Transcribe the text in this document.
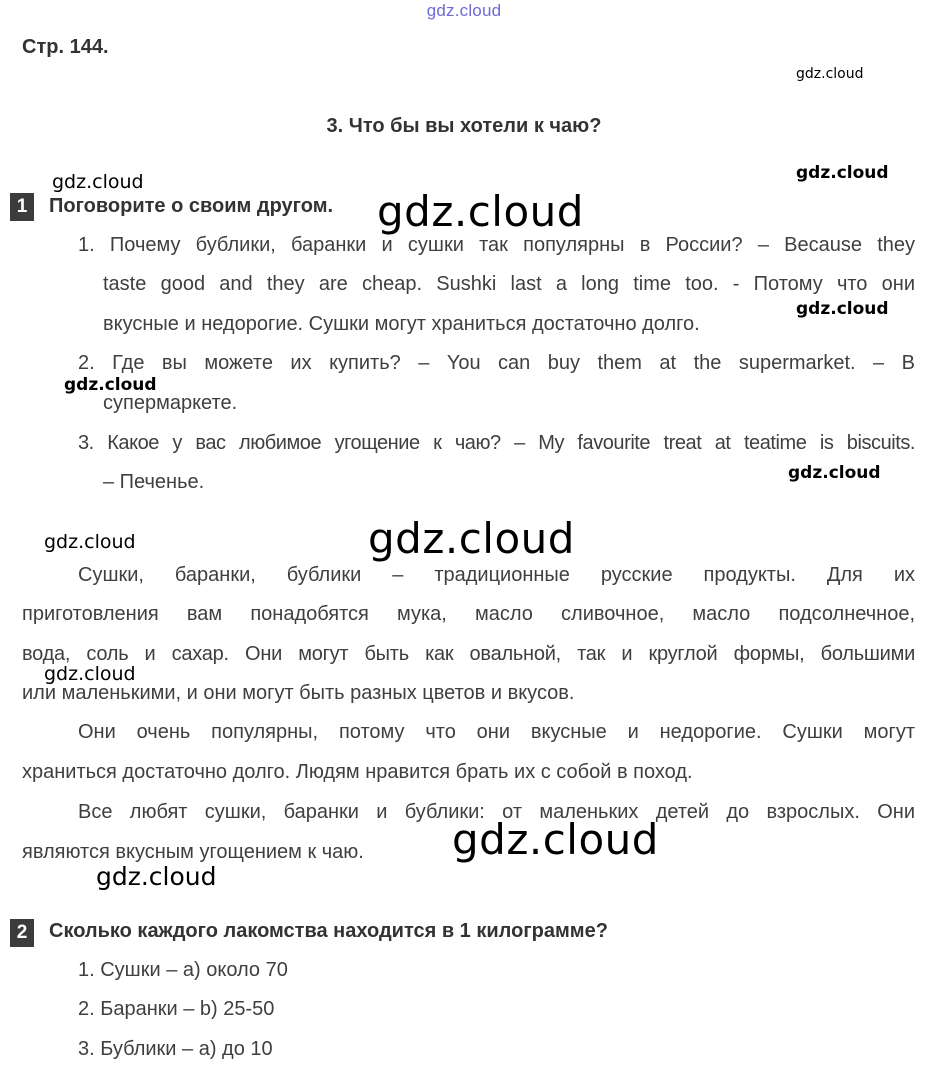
gdz.cloud
gdz.cloud
gdz.cloud
gdz.cloud
gdz.cloud
gdz.cloud
gdz.cloud
gdz.cloud
gdz.cloud	gdz.cloud
gdz.cloud
gdz.cloud
gdz.cloud
Стр. 144.
3. Что бы вы хотели к чаю?
1	Поговорите о своим другом.
1. Почему бублики, баранки и сушки так популярны в России? – Because they
taste good and they are cheap. Sushki last a long time too. - Потому что они
вкусные и недорогие. Сушки могут храниться достаточно долго.
2. Где вы можете их купить? – You can buy them at the supermarket. – В
супермаркете.
3. Какое у вас любимое угощение к чаю? – My favourite treat at teatime is biscuits.
– Печенье.
Сушки, баранки, бублики – традиционные русские продукты. Для их
приготовления вам понадобятся мука, масло сливочное, масло подсолнечное,
вода, соль и сахар. Они могут быть как овальной, так и круглой формы, большими
или маленькими, и они могут быть разных цветов и вкусов.
Они очень популярны, потому что они вкусные и недорогие. Сушки могут
храниться достаточно долго. Людям нравится брать их с собой в поход.
Все любят сушки, баранки и бублики: от маленьких детей до взрослых. Они
являются вкусным угощением к чаю.
2	Сколько каждого лакомства находится в 1 килограмме?
1. Сушки – a) около 70
2. Баранки – b) 25-50
3. Бублики – a) до 10
